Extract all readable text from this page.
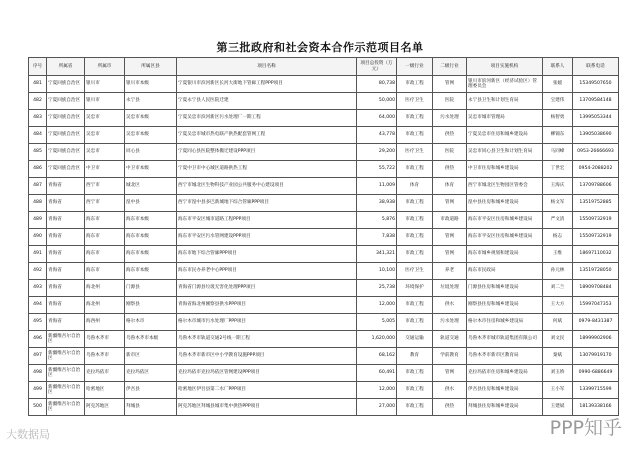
第三批政府和社会资本合作示范项目名单
序号	所属省	所属市	所属区县	项目名称	项目总投资（万元）	一级行业	二级行业	项目实施机构	联系人	联系电话
481	宁夏回族自治区	银川市	银川市本级	宁夏银川市滨河新区长河大街地下管廊工程PPP项目	80,738	市政工程	管网	银川市滨河新区（经济试验区）管理委员会	张媛	15349507650
482	宁夏回族自治区	银川市	永宁县	宁夏永宁县人民医院迁建	50,000	医疗卫生	医院	永宁县卫生和计划生育局	宝建伟	13709584148
483	宁夏回族自治区	吴忠市	吴忠市本级	宁夏吴忠市滨河新区污水处理厂一期工程	64,000	市政工程	污水处理	吴忠市城市管理局	杨智勇	13995053344
484	宁夏回族自治区	吴忠市	吴忠市本级	宁夏吴忠市城市热电联产供热配套管网工程	43,778	市政工程	供热	宁夏吴忠市住房和城乡建设局	柳锦东	13905038690
485	宁夏回族自治区	吴忠市	同心县	宁夏同心县医院整体搬迁建设PPP项目	29,200	医疗卫生	医院	吴忠市同心县卫生和计划生育局	马同峰	0953-26666693
486	宁夏回族自治区	中卫市	中卫市本级	宁夏中卫市中心城区道路供热工程	55,722	市政工程	供热	中卫市住房和城乡建设局	丁世宏	0954-2088202
487	青海省	西宁市	城北区	西宁市城北区生物科技产业园公共服务中心建设项目	11,009	体育	体育	西宁市城北区生物园区管委会	王海庆	13709788606
488	青海省	西宁市	湟中县	西宁市湟中县多巴新城地下综合管廊PPP项目	38,938	市政工程	管网	湟中县住房和城乡建设局	杨文军	13519752885
489	青海省	海东市	海东市本级	海东市平安区城市道路工程PPP项目	5,876	市政工程	市政道路	海东市平安区住房和城乡建设局	严文清	15509732919
490	青海省	海东市	海东市本级	海东市平安区污水管网建设PPP项目	7,838	市政工程	管网	海东市平安区住房和城乡建设局	杨志	15509732919
491	青海省	海东市	海东市本级	海东市地下综合管廊PPP项目	341,321	市政工程	管网	海东市城乡规划和建设局	王维	18697110032
492	青海省	海东市	海东市本级	海东市民办养老中心PPP项目	10,100	医疗卫生	养老	海东市民政局	孙元林	13519728050
493	青海省	海北州	门源县	青海省门源县垃圾无害化处理PPP项目	25,738	环境保护	垃圾处理	门源县住房和城乡建设局	刘二兰	18909708484
494	青海省	海北州	刚察县	青海省海北州刚察县供水PPP项目	12,000	市政工程	供水	刚察县住房和城乡建设局	王大方	15997047353
495	青海省	海西州	格尔木市	格尔木市城市污水处理厂PPP项目	5,005	市政工程	污水处理	格尔木市住房和城乡建设局	何斌	0979-8431387
496	新疆维吾尔自治区	乌鲁木齐市	乌鲁木齐市本级	乌鲁木齐市轨道交通2号线一期工程	1,620,000	交通运输	轨道交通	乌鲁木齐市城市轨道集团有限公司	刘文民	18999902906
497	新疆维吾尔自治区	乌鲁木齐市	新市区	乌鲁木齐市新市区中小学教育设施PPP项目	68,162	教育	学前教育	乌鲁木齐市新市区教育局	秦斌	13079919170
498	新疆维吾尔自治区	克拉玛依市	克拉玛依区	克拉玛依市克拉玛依区管网建设PPP项目	60,491	市政工程	管网	克拉玛依市住房和城乡建设局	刘玉娇	0990-6886649
499	新疆维吾尔自治区	哈密地区	伊吾县	哈密地区伊吾县第二水厂PPP项目	12,000	市政工程	供水	伊吾县住房和城乡建设局	王小军	13399715599
500	新疆维吾尔自治区	阿克苏地区	拜城县	阿克苏地区拜城县城市集中供热PPP项目	27,000	市政工程	供热	拜城县住房和城乡建设局	王建斌	18139338166
大数据局	PPP知乎
